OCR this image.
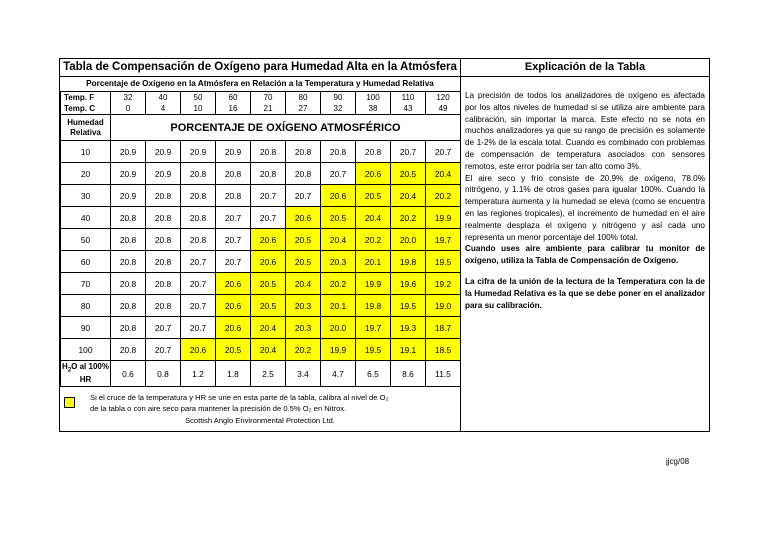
Tabla de Compensación de Oxígeno para Humedad Alta en la Atmósfera
Porcentaje de Oxígeno en la Atmósfera en Relación a la Temperatura y Humedad Relativa
Temp. F	32	40	50	60	70	80	90	100	110	120
Temp. C	0	4	10	16	21	27	32	38	43	49
Humedad Relativa	PORCENTAJE DE OXÍGENO ATMOSFÉRICO									
10	20.9	20.9	20.9	20.9	20.8	20.8	20.8	20.8	20.7	20.7
20	20.9	20.9	20.8	20.8	20.8	20.8	20.7	20.6	20.5	20.4
30	20.9	20.8	20.8	20.8	20.7	20.7	20.6	20.5	20.4	20.2
40	20.8	20.8	20.8	20.7	20.7	20.6	20.5	20.4	20.2	19.9
50	20.8	20.8	20.8	20.7	20.6	20.5	20.4	20.2	20.0	19.7
60	20.8	20.8	20.7	20.7	20.6	20.5	20.3	20.1	19.8	19.5
70	20.8	20.8	20.7	20.6	20.5	20.4	20.2	19.9	19.6	19.2
80	20.8	20.8	20.7	20.6	20.5	20.3	20.1	19.8	19.5	19.0
90	20.8	20.7	20.7	20.6	20.4	20.3	20.0	19.7	19.3	18.7
100	20.8	20.7	20.6	20.5	20.4	20.2	19.9	19.5	19.1	18.5
$H_2O$ al 100% HR	0.6	0.8	1.2	1.8	2.5	3.4	4.7	6.5	8.6	11.5
Si el cruce de la temperatura y HR se une en esta parte de la tabla, calibra al nivel de O₂
de la tabla o con aire seco para mantener la precisión de 0.5% O₂ en Nitrox.
Scottish Anglo Environmental Protection Ltd.
Explicación de la Tabla

La precisión de todos los analizadores de oxígeno es afectada por los altos niveles de humedad si se utiliza aire ambiente para calibración, sin importar la marca. Este efecto no se nota en muchos analizadores ya que su rango de precisión es solamente de 1-2% de la escala total. Cuando es combinado con problemas de compensación de temperatura asociados con sensores remotos, este error podría ser tan alto como 3%.

El aire seco y frío consiste de 20.9% de oxígeno, 78.0% nitrógeno, y 1.1% de otros gases para igualar 100%. Cuando la temperatura aumenta y la humedad se eleva (como se encuentra en las regiones tropicales), el incremento de humedad en el aire realmente desplaza el oxígeno y nitrógeno y así cada uno representa un menor porcentaje del 100% total.

Cuando uses aire ambiente para calibrar tu monitor de oxígeno, utiliza la Tabla de Compensación de Oxígeno.

La cifra de la unión de la lectura de la Temperatura con la de la Humedad Relativa es la que se debe poner en el analizador para su calibración.

jjcg/08
